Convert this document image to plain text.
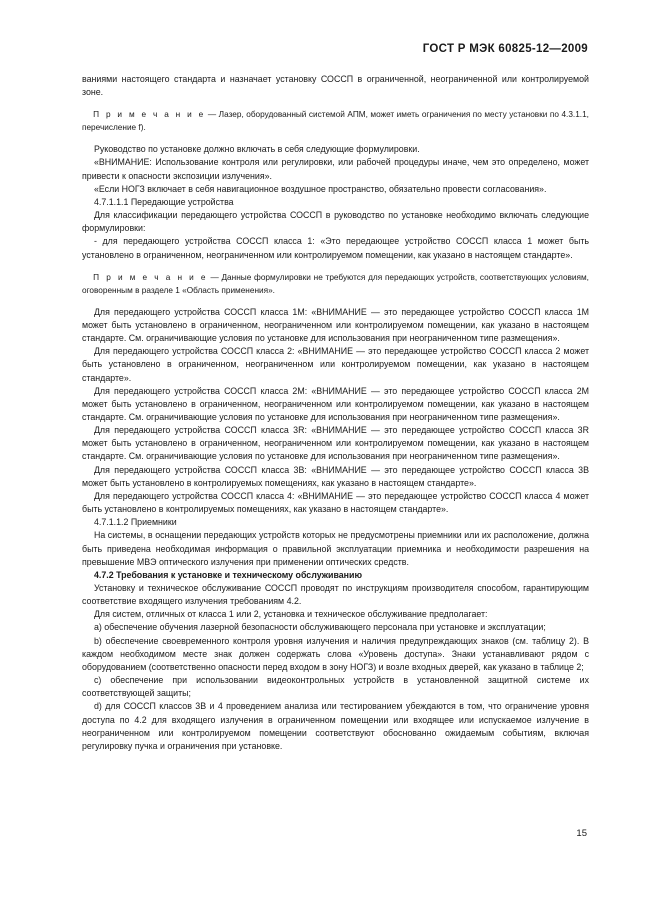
ГОСТ Р МЭК 60825-12—2009

ваниями настоящего стандарта и назначает установку СОССП в ограниченной, неограниченной или контролируемой зоне.

П р и м е ч а н и е — Лазер, оборудованный системой АПМ, может иметь ограничения по месту установки по 4.3.1.1, перечисление f).

Руководство по установке должно включать в себя следующие формулировки.

«ВНИМАНИЕ: Использование контроля или регулировки, или рабочей процедуры иначе, чем это определено, может привести к опасности экспозиции излучения».

«Если НОГЗ включает в себя навигационное воздушное пространство, обязательно провести согласования».

4.7.1.1.1 Передающие устройства

Для классификации передающего устройства СОССП в руководство по установке необходимо включать следующие формулировки:

- для передающего устройства СОССП класса 1: «Это передающее устройство СОССП класса 1 может быть установлено в ограниченном, неограниченном или контролируемом помещении, как указано в настоящем стандарте».

П р и м е ч а н и е — Данные формулировки не требуются для передающих устройств, соответствующих условиям, оговоренным в разделе 1 «Область применения».

Для передающего устройства СОССП класса 1М: «ВНИМАНИЕ — это передающее устройство СОССП класса 1М может быть установлено в ограниченном, неограниченном или контролируемом помещении, как указано в настоящем стандарте. См. ограничивающие условия по установке для использования при неограниченном типе размещения».

Для передающего устройства СОССП класса 2: «ВНИМАНИЕ — это передающее устройство СОССП класса 2 может быть установлено в ограниченном, неограниченном или контролируемом помещении, как указано в настоящем стандарте».

Для передающего устройства СОССП класса 2М: «ВНИМАНИЕ — это передающее устройство СОССП класса 2М может быть установлено в ограниченном, неограниченном или контролируемом помещении, как указано в настоящем стандарте. См. ограничивающие условия по установке для использования при неограниченном типе размещения».

Для передающего устройства СОССП класса 3R: «ВНИМАНИЕ — это передающее устройство СОССП класса 3R может быть установлено в ограниченном, неограниченном или контролируемом помещении, как указано в настоящем стандарте. См. ограничивающие условия по установке для использования при неограниченном типе размещения».

Для передающего устройства СОССП класса 3В: «ВНИМАНИЕ — это передающее устройство СОССП класса 3В может быть установлено в контролируемых помещениях, как указано в настоящем стандарте».

Для передающего устройства СОССП класса 4: «ВНИМАНИЕ — это передающее устройство СОССП класса 4 может быть установлено в контролируемых помещениях, как указано в настоящем стандарте».

4.7.1.1.2 Приемники

На системы, в оснащении передающих устройств которых не предусмотрены приемники или их расположение, должна быть приведена необходимая информация о правильной эксплуатации приемника и необходимости разрешения на превышение МВЭ оптического излучения при применении оптических средств.

4.7.2 Требования к установке и техническому обслуживанию

Установку и техническое обслуживание СОССП проводят по инструкциям производителя способом, гарантирующим соответствие входящего излучения требованиям 4.2.

Для систем, отличных от класса 1 или 2, установка и техническое обслуживание предполагает:

а) обеспечение обучения лазерной безопасности обслуживающего персонала при установке и эксплуатации;

b) обеспечение своевременного контроля уровня излучения и наличия предупреждающих знаков (см. таблицу 2). В каждом необходимом месте знак должен содержать слова «Уровень доступа». Знаки устанавливают рядом с оборудованием (соответственно опасности перед входом в зону НОГЗ) и возле входных дверей, как указано в таблице 2;

c) обеспечение при использовании видеоконтрольных устройств в установленной защитной системе их соответствующей защиты;

d) для СОССП классов 3В и 4 проведением анализа или тестированием убеждаются в том, что ограничение уровня доступа по 4.2 для входящего излучения в ограниченном помещении или входящее или испускаемое излучение в неограниченном или контролируемом помещении соответствуют обоснованно ожидаемым событиям, включая регулировку пучка и ограничения при установке.

15
